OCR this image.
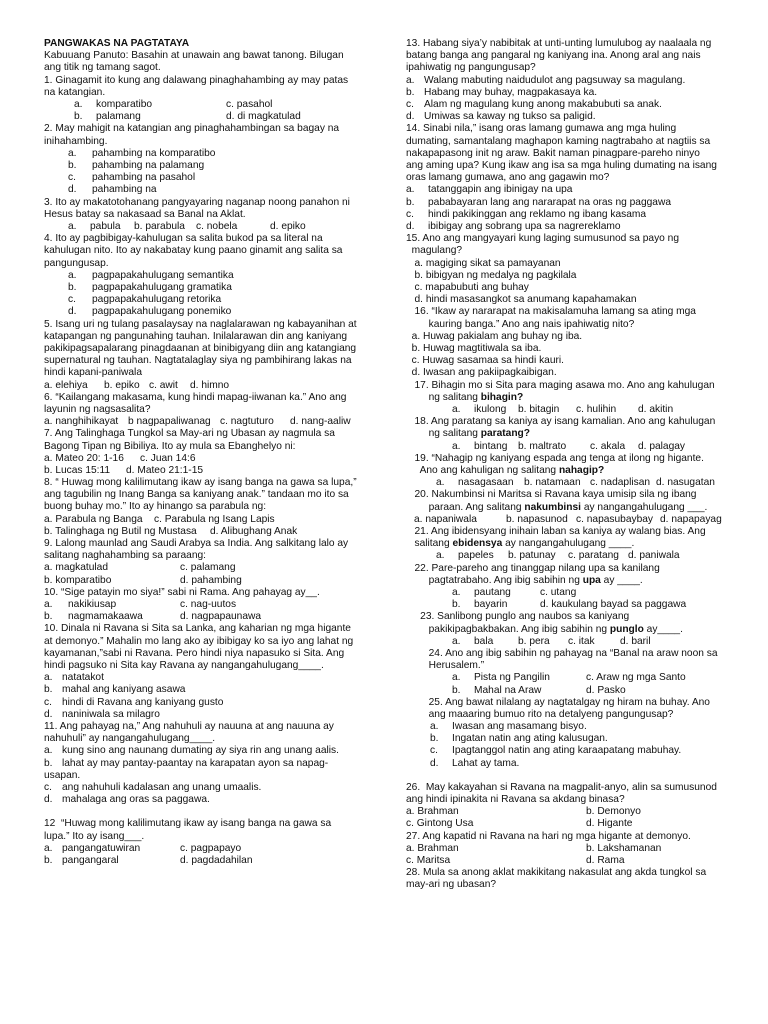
PANGWAKAS NA PAGTATAYA
Kabuuang Panuto: Basahin at unawain ang bawat tanong. Bilugan
ang titik ng tamang sagot.
1. Ginagamit ito kung ang dalawang pinaghahambing ay may patas
na katangian.
a. komparatibo	c. pasahol
b. palamang	d. di magkatulad
2. May mahigit na katangian ang pinaghahambingan sa bagay na
inihahambing.
a. pahambing na komparatibo
b. pahambing na palamang
c. pahambing na pasahol
d. pahambing na
3. Ito ay makatotohanang pangyayaring naganap noong panahon ni
Hesus batay sa nakasaad sa Banal na Aklat.
a. pabula b. parabula c. nobela	d. epiko
4. Ito ay pagbibigay-kahulugan sa salita bukod pa sa literal na
kahulugan nito. Ito ay nakabatay kung paano ginamit ang salita sa
pangungusap.
a. pagpapakahulugang semantika
b. pagpapakahulugang gramatika
c. pagpapakahulugang retorika
d. pagpapakahulugang ponemiko
5. Isang uri ng tulang pasalaysay na naglalarawan ng kabayanihan at
katapangan ng pangunahing tauhan. Inilalarawan din ang kaniyang
pakikipagsapalarang pinagdaanan at binibigyang diin ang katangiang
supernatural ng tauhan. Nagtatalaglay siya ng pambihirang lakas na
hindi kapani-paniwala
a. elehiya b. epiko c. awit d. himno
6. “Kailangang makasama, kung hindi mapag-iiwanan ka.” Ano ang
layunin ng nagsasalita?
a. nanghihikayat b nagpapaliwanag c. nagtuturo d. nang-aaliw
7. Ang Talinghaga Tungkol sa May-ari ng Ubasan ay nagmula sa
Bagong Tipan ng Bibiliya. Ito ay mula sa Ebanghelyo ni:
a. Mateo 20: 1-16 c. Juan 14:6
b. Lucas 15:11 d. Mateo 21:1-15
8. “ Huwag mong kalilimutang ikaw ay isang banga na gawa sa lupa,”
ang tagubilin ng Inang Banga sa kaniyang anak.” tandaan mo ito sa
buong buhay mo.” Ito ay hinango sa parabula ng:
a. Parabula ng Banga c. Parabula ng Isang Lapis
b. Talinghaga ng Butil ng Mustasa d. Alibughang Anak
9. Lalong maunlad ang Saudi Arabya sa India. Ang salkitang lalo ay
salitang naghahambing sa paraang:
a. magkatulad	c. palamang
b. komparatibo	d. pahambing
10. “Sige patayin mo siya!” sabi ni Rama. Ang pahayag ay__.
a. nakikiusap	c. nag-uutos
b. nagmamakaawa	d. nagpapaunawa
10. Dinala ni Ravana si Sita sa Lanka, ang kaharian ng mga higante
at demonyo.” Mahalin mo lang ako ay ibibigay ko sa iyo ang lahat ng
kayamanan,”sabi ni Ravana. Pero hindi niya napasuko si Sita. Ang
hindi pagsuko ni Sita kay Ravana ay nangangahulugang____.
a. natatakot
b. mahal ang kaniyang asawa
c. hindi di Ravana ang kaniyang gusto
d. naniniwala sa milagro
11. Ang pahayag na,” Ang nahuhuli ay nauuna at ang nauuna ay
nahuhuli” ay nangangahulugang____.
a. kung sino ang naunang dumating ay siya rin ang unang aalis.
b. lahat ay may pantay-paantay na karapatan ayon sa napag-
usapan.
c. ang nahuhuli kadalasan ang unang umaalis.
d. mahalaga ang oras sa paggawa.
12  “Huwag mong kalilimutang ikaw ay isang banga na gawa sa
lupa.” Ito ay isang___.
a. pangangatuwiran	c. pagpapayo
b. pangangaral	d. pagdadahilan
13. Habang siya’y nabibitak at unti-unting lumulubog ay naalaala ng
batang banga ang pangaral ng kaniyang ina. Anong aral ang nais
ipahiwatig ng pangungusap?
a. Walang mabuting naidudulot ang pagsuway sa magulang.
b. Habang may buhay, magpakasaya ka.
c. Alam ng magulang kung anong makabubuti sa anak.
d. Umiwas sa kaway ng tukso sa paligid.
14. Sinabi nila,” isang oras lamang gumawa ang mga huling
dumating, samantalang maghapon kaming nagtrabaho at nagtiis sa
nakapapasong init ng araw. Bakit naman pinagpare-pareho ninyo
ang aming upa? Kung ikaw ang isa sa mga huling dumating na isang
oras lamang gumawa, ano ang gagawin mo?
a. tatanggapin ang ibinigay na upa
b. pababayaran lang ang nararapat na oras ng paggawa
c. hindi pakikinggan ang reklamo ng ibang kasama
d. ibibigay ang sobrang upa sa nagrereklamo
15. Ano ang mangyayari kung laging sumusunod sa payo ng
magulang?
a. magiging sikat sa pamayanan
b. bibigyan ng medalya ng pagkilala
c. mapabubuti ang buhay
d. hindi masasangkot sa anumang kapahamakan
16. “Ikaw ay nararapat na makisalamuha lamang sa ating mga
kauring banga.” Ano ang nais ipahiwatig nito?
a. Huwag pakialam ang buhay ng iba.
b. Huwag magtitiwala sa iba.
c. Huwag sasamaa sa hindi kauri.
d. Iwasan ang pakiipagkaibigan.
17. Bihagin mo si Sita para maging asawa mo. Ano ang kahulugan
ng salitang bihagin?
a. ikulong b. bitagin c. hulihin d. akitin
18. Ang paratang sa kaniya ay isang kamalian. Ano ang kahulugan
ng salitang paratang?
a. bintang b. maltrato c. akala d. palagay
19. “Nahagip ng kaniyang espada ang tenga at ilong ng higante.
Ano ang kahuligan ng salitang nahagip?
a. nasagasaan b. natamaan c. nadaplisan d. nasugatan
20. Nakumbinsi ni Maritsa si Ravana kaya umisip sila ng ibang
paraan. Ang salitang nakumbinsi ay nangangahulugang ___.
a. napaniwala	b. napasunod c. napasubaybay d. napapayag
21. Ang ibidensyang inihain laban sa kaniya ay walang bias. Ang
salitang ebidensya ay nangangahulugang ____.
a. papeles b. patunay c. paratang d. paniwala
22. Pare-pareho ang tinanggap nilang upa sa kanilang
pagtatrabaho. Ang ibig sabihin ng upa ay ____.
a. pautang	c. utang
b. bayarin	d. kaukulang bayad sa paggawa
23. Sanlibong punglo ang naubos sa kaniyang
pakikipagbakbakan. Ang ibig sabihin ng punglo ay____.
a. bala b. pera c. itak d. baril
24. Ano ang ibig sabihin ng pahayag na “Banal na araw noon sa
Herusalem.”
a. Pista ng Pangilin	c. Araw ng mga Santo
b. Mahal na Araw	d. Pasko
25. Ang bawat nilalang ay nagtatalgay ng hiram na buhay. Ano
ang maaaring bumuo rito na detalyeng pangungusap?
a. Iwasan ang masamang bisyo.
b. Ingatan natin ang ating kalusugan.
c. Ipagtanggol natin ang ating karaapatang mabuhay.
d. Lahat ay tama.
26.  May kakayahan si Ravana na magpalit-anyo, alin sa sumusunod
ang hindi ipinakita ni Ravana sa akdang binasa?
a. Brahman	b. Demonyo
c. Gintong Usa	d. Higante
27. Ang kapatid ni Ravana na hari ng mga higante at demonyo.
a. Brahman	b. Lakshamanan
c. Maritsa	d. Rama
28. Mula sa anong aklat makikitang nakasulat ang akda tungkol sa
may-ari ng ubasan?
